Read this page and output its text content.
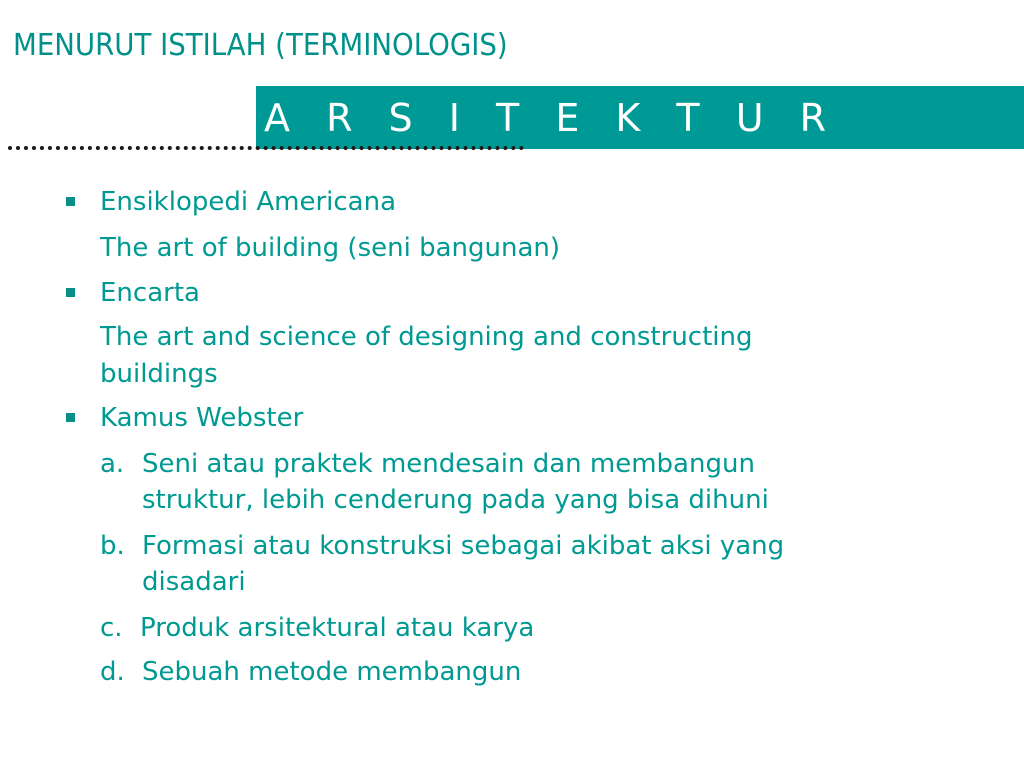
MENURUT ISTILAH (TERMINOLOGIS)
A R S I T E K T U R
Ensiklopedi Americana
The art of building (seni bangunan)
Encarta
The art and science of designing and constructing
buildings
Kamus Webster
a. Seni atau praktek mendesain dan membangun
struktur, lebih cenderung pada yang bisa dihuni
b. Formasi atau konstruksi sebagai akibat aksi yang
disadari
c. Produk arsitektural atau karya
d. Sebuah metode membangun
